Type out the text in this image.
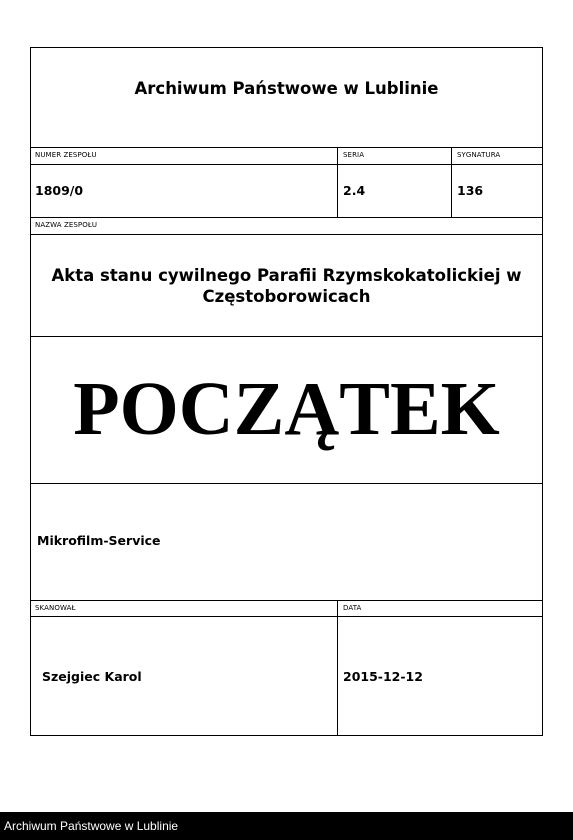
Archiwum Państwowe w Lublinie
NUMER ZESPOŁU	SERIA	SYGNATURA
1809/0	2.4	136
NAZWA ZESPOŁU
Akta stanu cywilnego Parafii Rzymskokatolickiej w Częstoborowicach
POCZĄTEK
Mikrofilm-Service
SKANOWAŁ	DATA
Szejgiec Karol	2015-12-12
Archiwum Państwowe w Lublinie
